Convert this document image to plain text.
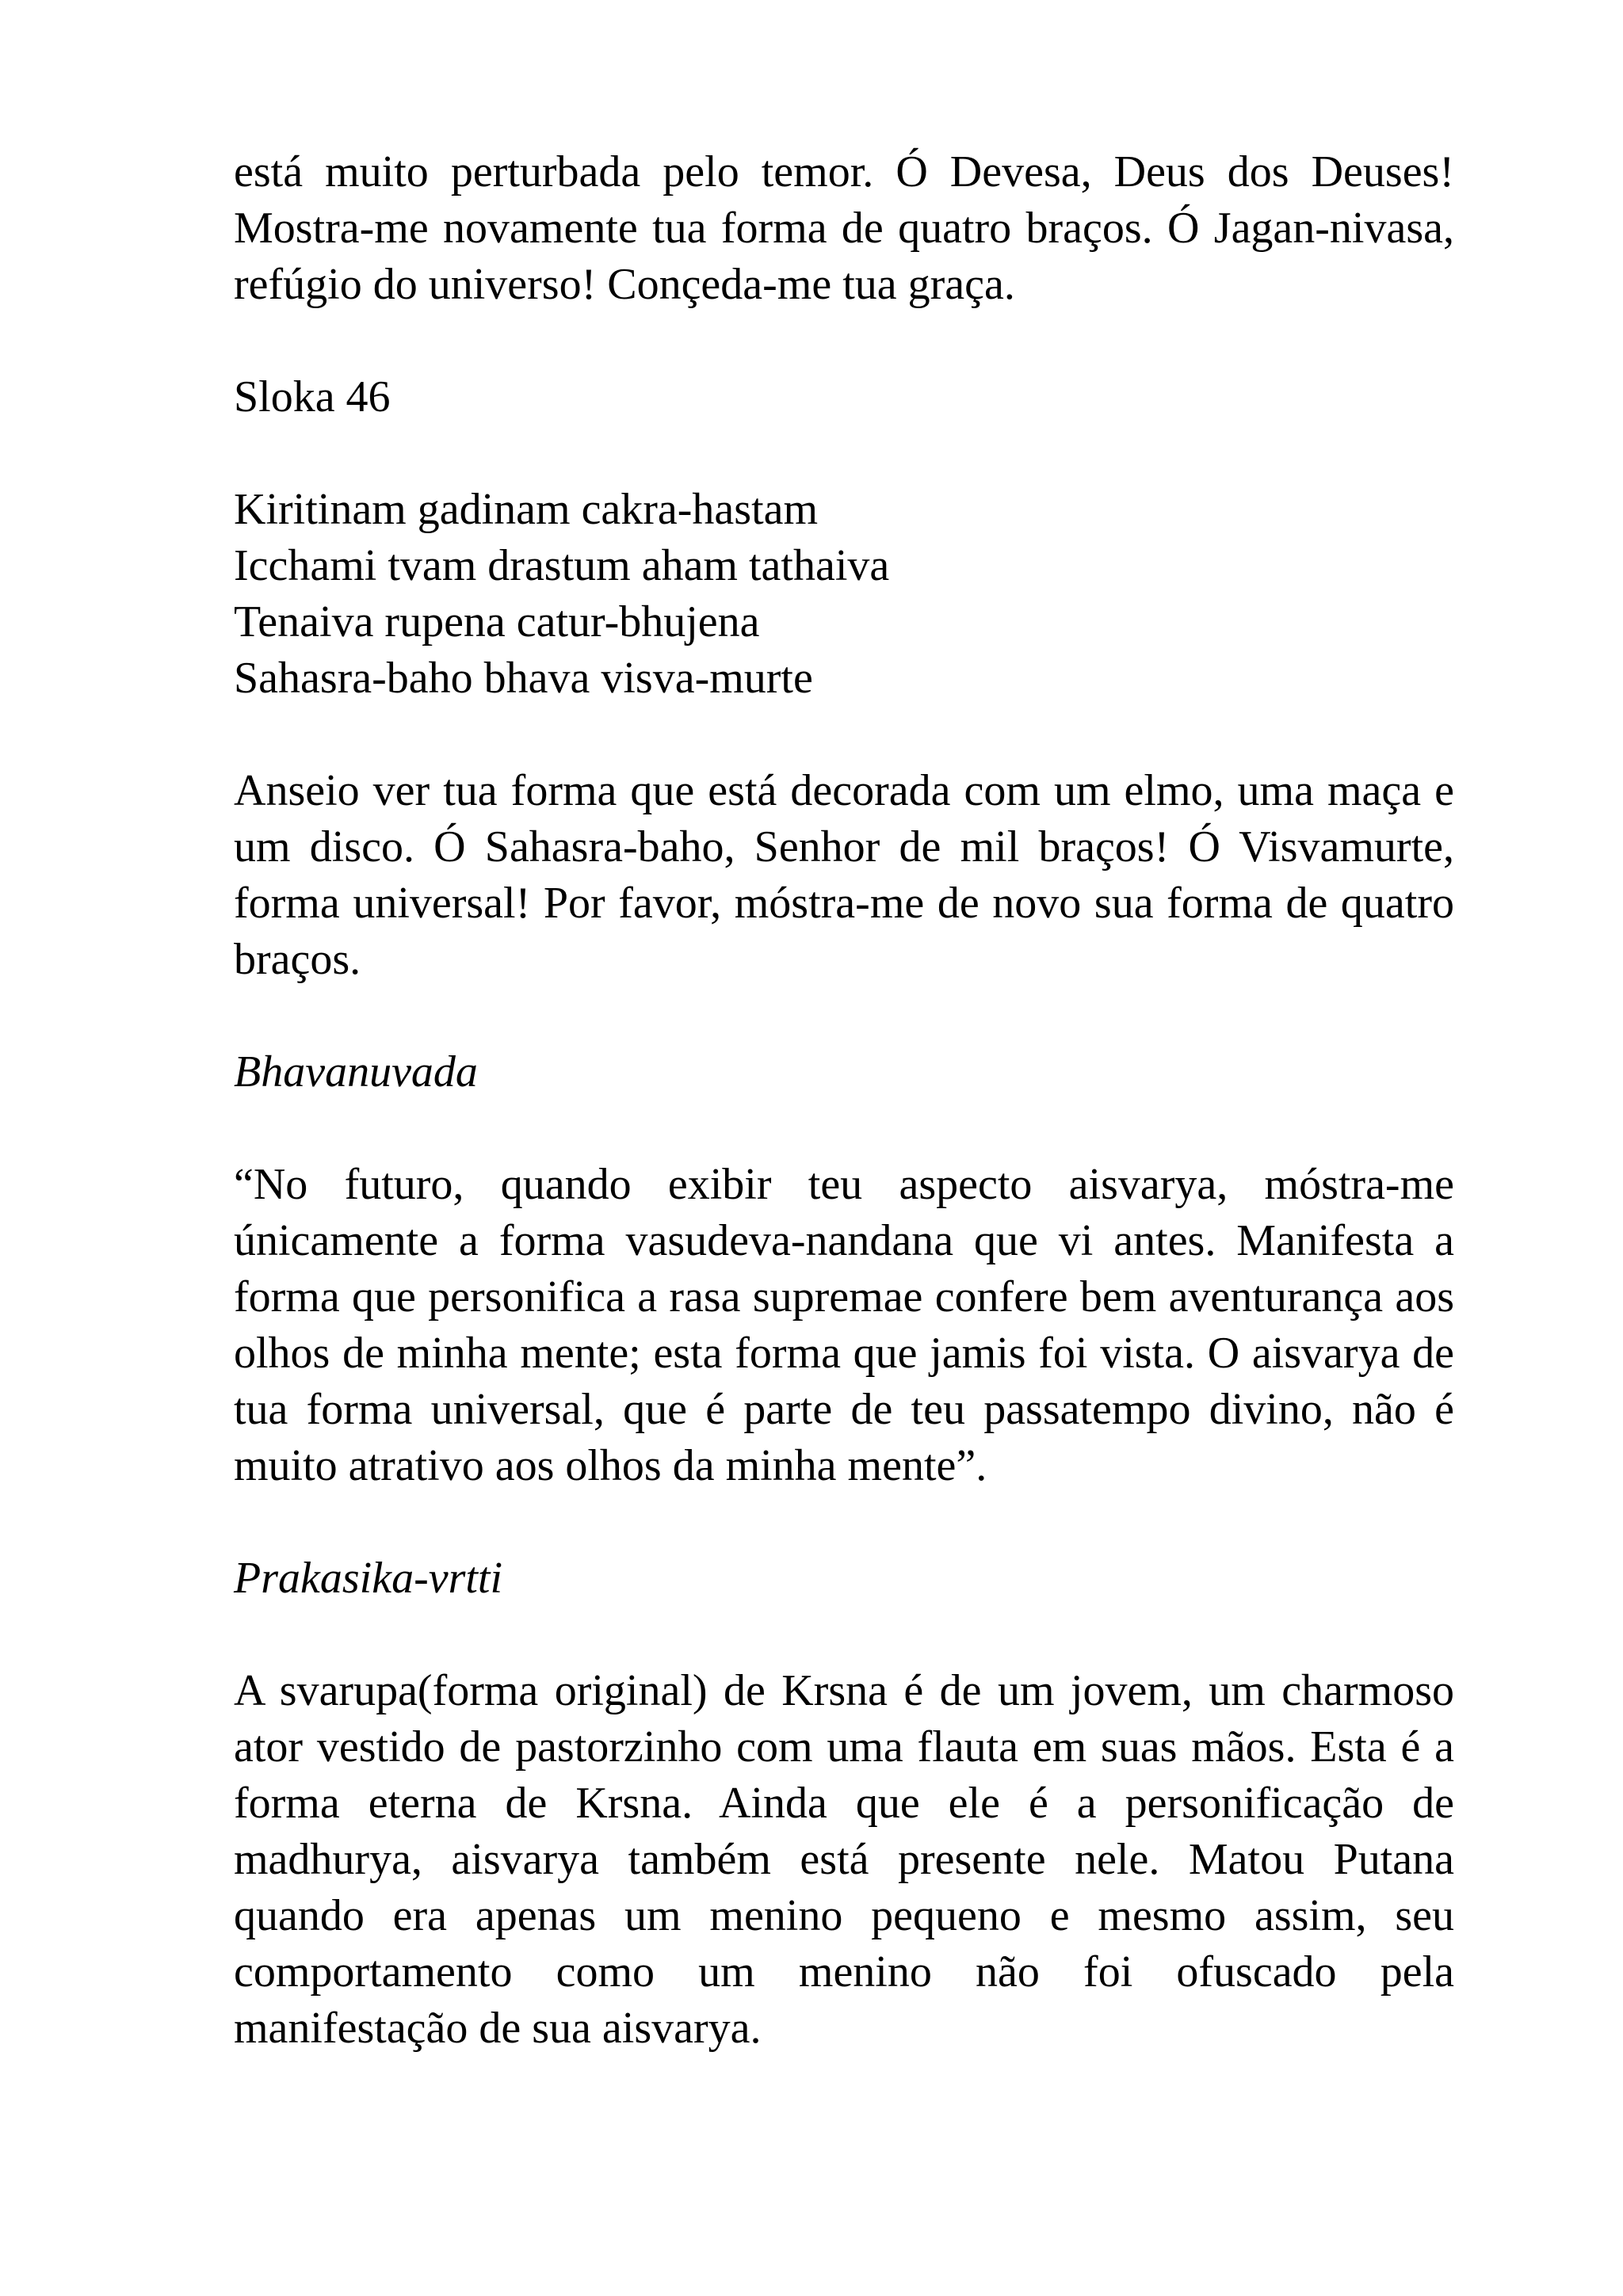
está muito perturbada pelo temor. Ó Devesa, Deus dos Deuses! Mostra-me novamente tua forma de quatro braços. Ó Jagan-nivasa, refúgio do universo! Conçeda-me tua graça.

Sloka 46

Kiritinam gadinam cakra-hastam
Icchami tvam drastum aham tathaiva
Tenaiva rupena catur-bhujena
Sahasra-baho bhava visva-murte

Anseio ver tua forma que está decorada com um elmo, uma maça e um disco. Ó Sahasra-baho, Senhor de mil braços! Ó Visvamurte, forma universal! Por favor, móstra-me de novo sua forma de quatro braços.

Bhavanuvada

“No futuro, quando exibir teu aspecto aisvarya, móstra-me únicamente a forma vasudeva-nandana que vi antes. Manifesta a forma que personifica a rasa supremae confere bem aventurança aos olhos de minha mente; esta forma que jamis foi vista. O aisvarya de tua forma universal, que é parte de teu passatempo divino, não é muito atrativo aos olhos da minha mente”.

Prakasika-vrtti

A svarupa(forma original) de Krsna é de um jovem, um charmoso ator vestido de pastorzinho com uma flauta em suas mãos. Esta é a forma eterna de Krsna. Ainda que ele é a personificação de madhurya, aisvarya também está presente nele. Matou Putana quando era apenas um menino pequeno e mesmo assim, seu comportamento como um menino não foi ofuscado pela manifestação de sua aisvarya.
